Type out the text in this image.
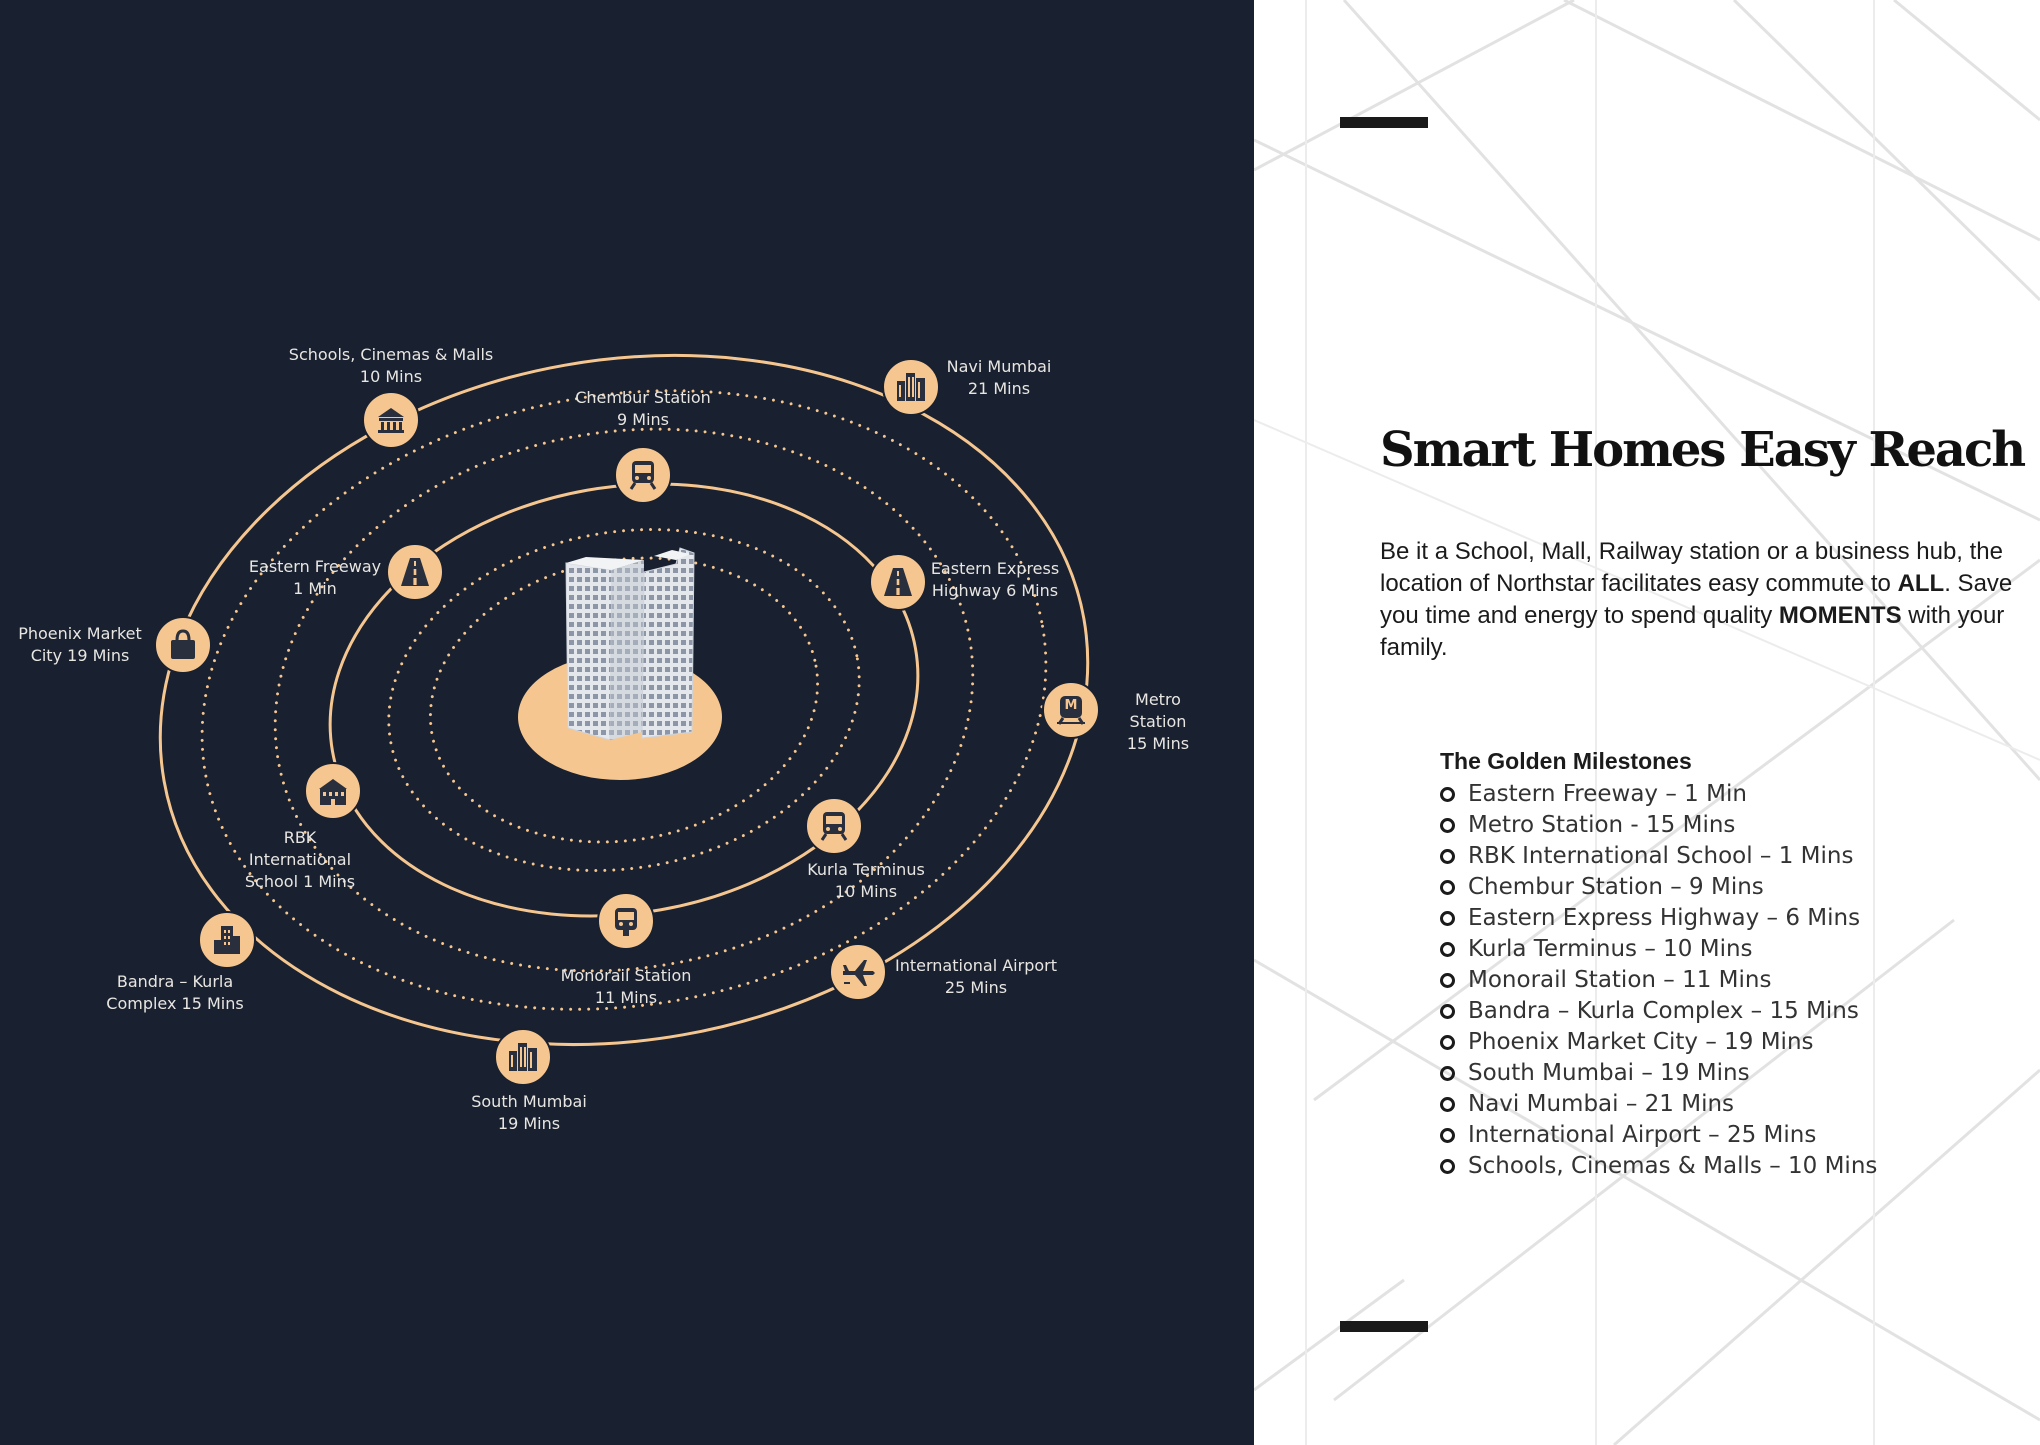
M
Schools, Cinemas & Malls
10 Mins
Chembur Station
9 Mins
Navi Mumbai
21 Mins
Eastern Freeway
1 Min
Eastern Express
Highway 6 Mins
Phoenix Market
City 19 Mins
Metro Station
15 Mins
RBK
International
School 1 Mins
Kurla Terminus
10 Mins
Bandra – Kurla
Complex 15 Mins
Monorail Station
11 Mins
International Airport
25 Mins
South Mumbai
19 Mins
Smart Homes Easy Reach

Be it a School, Mall, Railway station or a business hub, the location of Northstar facilitates easy commute to ALL. Save you time and energy to spend quality MOMENTS with your family.

The Golden Milestones
Eastern Freeway – 1 Min
Metro Station - 15 Mins
RBK International School – 1 Mins
Chembur Station – 9 Mins
Eastern Express Highway – 6 Mins
Kurla Terminus – 10 Mins
Monorail Station – 11 Mins
Bandra – Kurla Complex – 15 Mins
Phoenix Market City – 19 Mins
South Mumbai – 19 Mins
Navi Mumbai – 21 Mins
International Airport – 25 Mins
Schools, Cinemas & Malls – 10 Mins
